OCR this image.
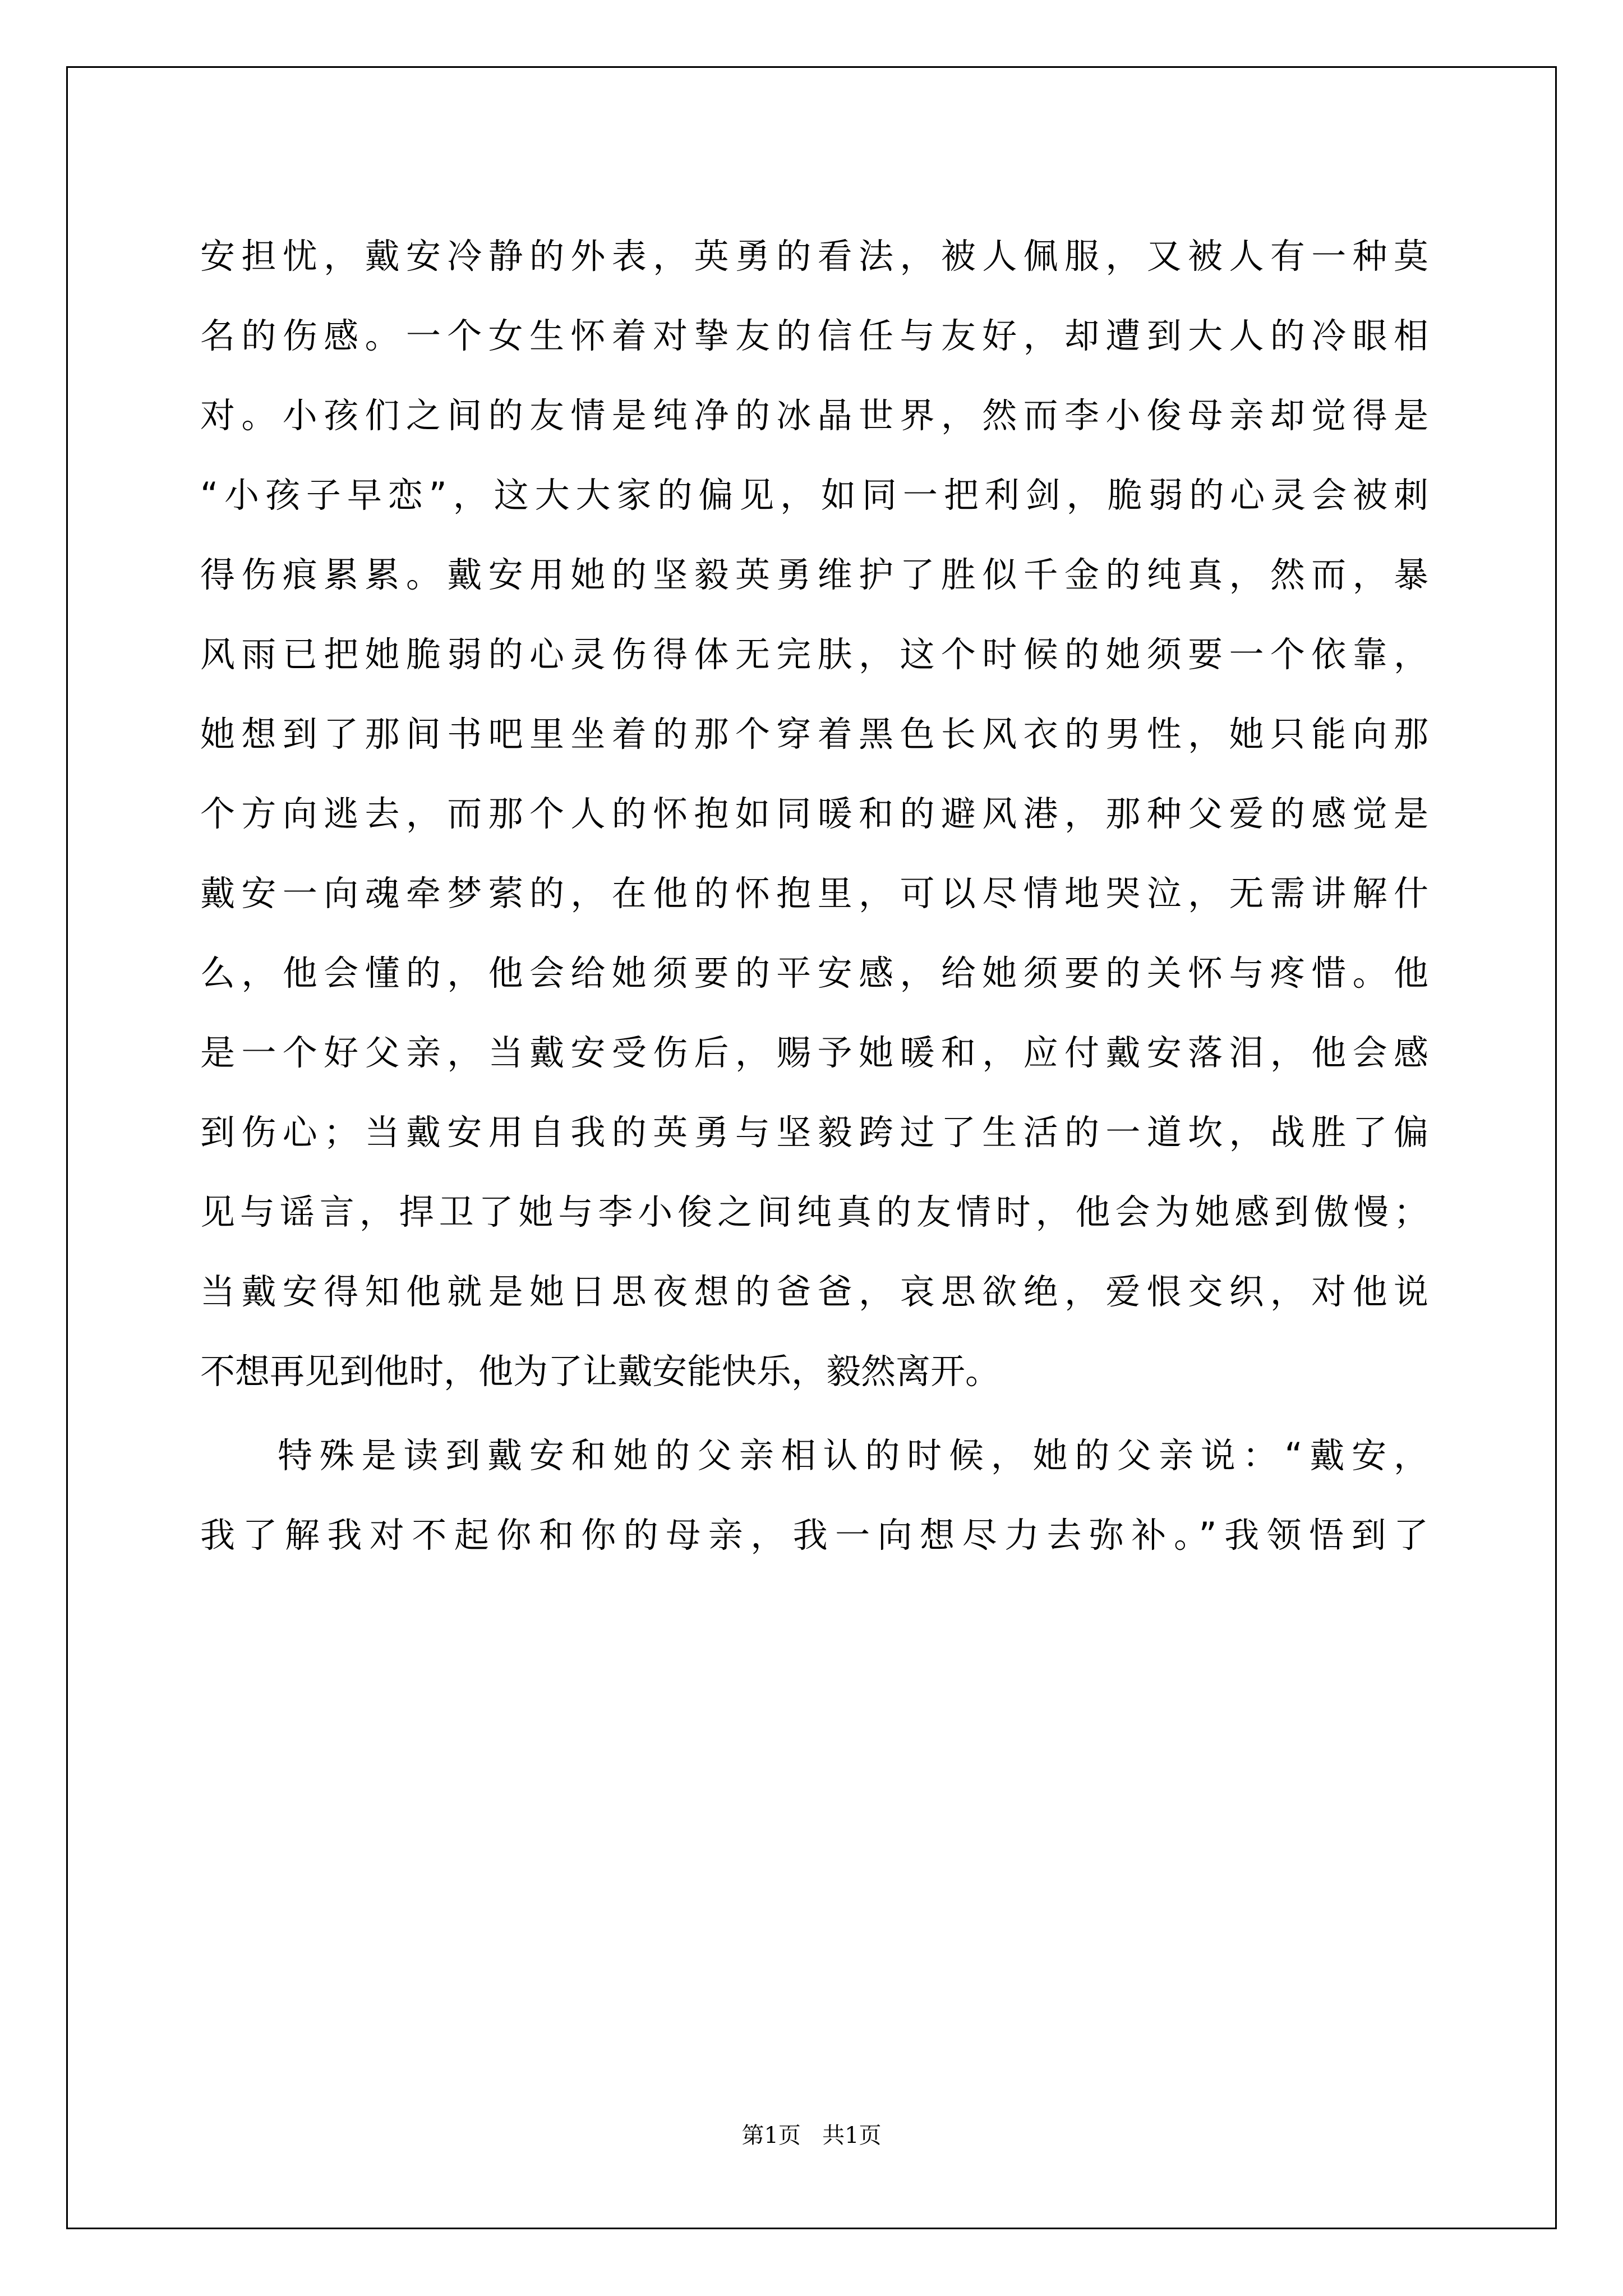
安担忧，戴安冷静的外表，英勇的看法，被人佩服，又被人有一种莫
名的伤感。一个女生怀着对挚友的信任与友好，却遭到大人的冷眼相
对。小孩们之间的友情是纯净的冰晶世界，然而李小俊母亲却觉得是
“小孩子早恋”，这大大家的偏见，如同一把利剑，脆弱的心灵会被刺
得伤痕累累。戴安用她的坚毅英勇维护了胜似千金的纯真，然而，暴
风雨已把她脆弱的心灵伤得体无完肤，这个时候的她须要一个依靠，
她想到了那间书吧里坐着的那个穿着黑色长风衣的男性，她只能向那
个方向逃去，而那个人的怀抱如同暖和的避风港，那种父爱的感觉是
戴安一向魂牵梦萦的，在他的怀抱里，可以尽情地哭泣，无需讲解什
么，他会懂的，他会给她须要的平安感，给她须要的关怀与疼惜。他
是一个好父亲，当戴安受伤后，赐予她暖和，应付戴安落泪，他会感
到伤心；当戴安用自我的英勇与坚毅跨过了生活的一道坎，战胜了偏
见与谣言，捍卫了她与李小俊之间纯真的友情时，他会为她感到傲慢；
当戴安得知他就是她日思夜想的爸爸，哀思欲绝，爱恨交织，对他说
不想再见到他时，他为了让戴安能快乐，毅然离开。
特殊是读到戴安和她的父亲相认的时候，她的父亲说：“戴安，
我了解我对不起你和你的母亲，我一向想尽力去弥补。”我领悟到了
第1页 共1页
